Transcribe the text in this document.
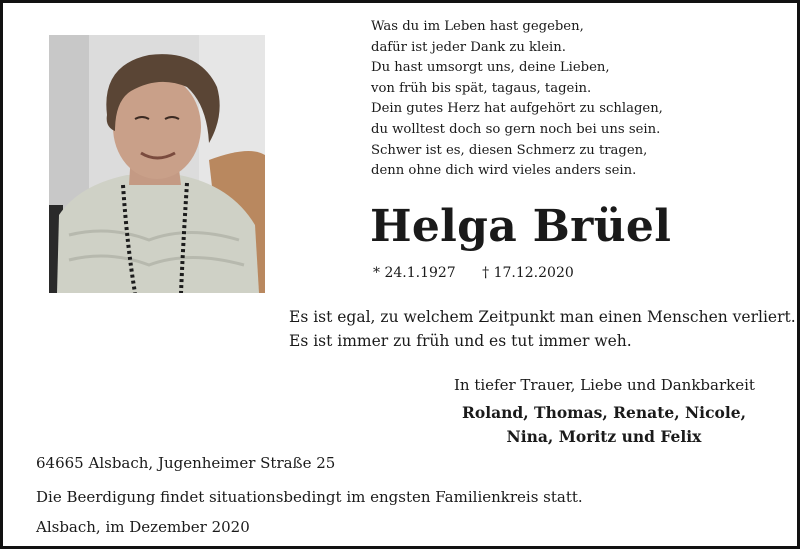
Was du im Leben hast gegeben,
dafür ist jeder Dank zu klein.
Du hast umsorgt uns, deine Lieben,
von früh bis spät, tagaus, tagein.
Dein gutes Herz hat aufgehört zu schlagen,
du wolltest doch so gern noch bei uns sein.
Schwer ist es, diesen Schmerz zu tragen,
denn ohne dich wird vieles anders sein.
Helga Brüel
* 24.1.1927 † 17.12.2020
Es ist egal, zu welchem Zeitpunkt man einen Menschen verliert.
Es ist immer zu früh und es tut immer weh.
In tiefer Trauer, Liebe und Dankbarkeit
Roland, Thomas, Renate, Nicole,
Nina, Moritz und Felix
64665 Alsbach, Jugenheimer Straße 25
Die Beerdigung findet situationsbedingt im engsten Familienkreis statt.
Alsbach, im Dezember 2020
